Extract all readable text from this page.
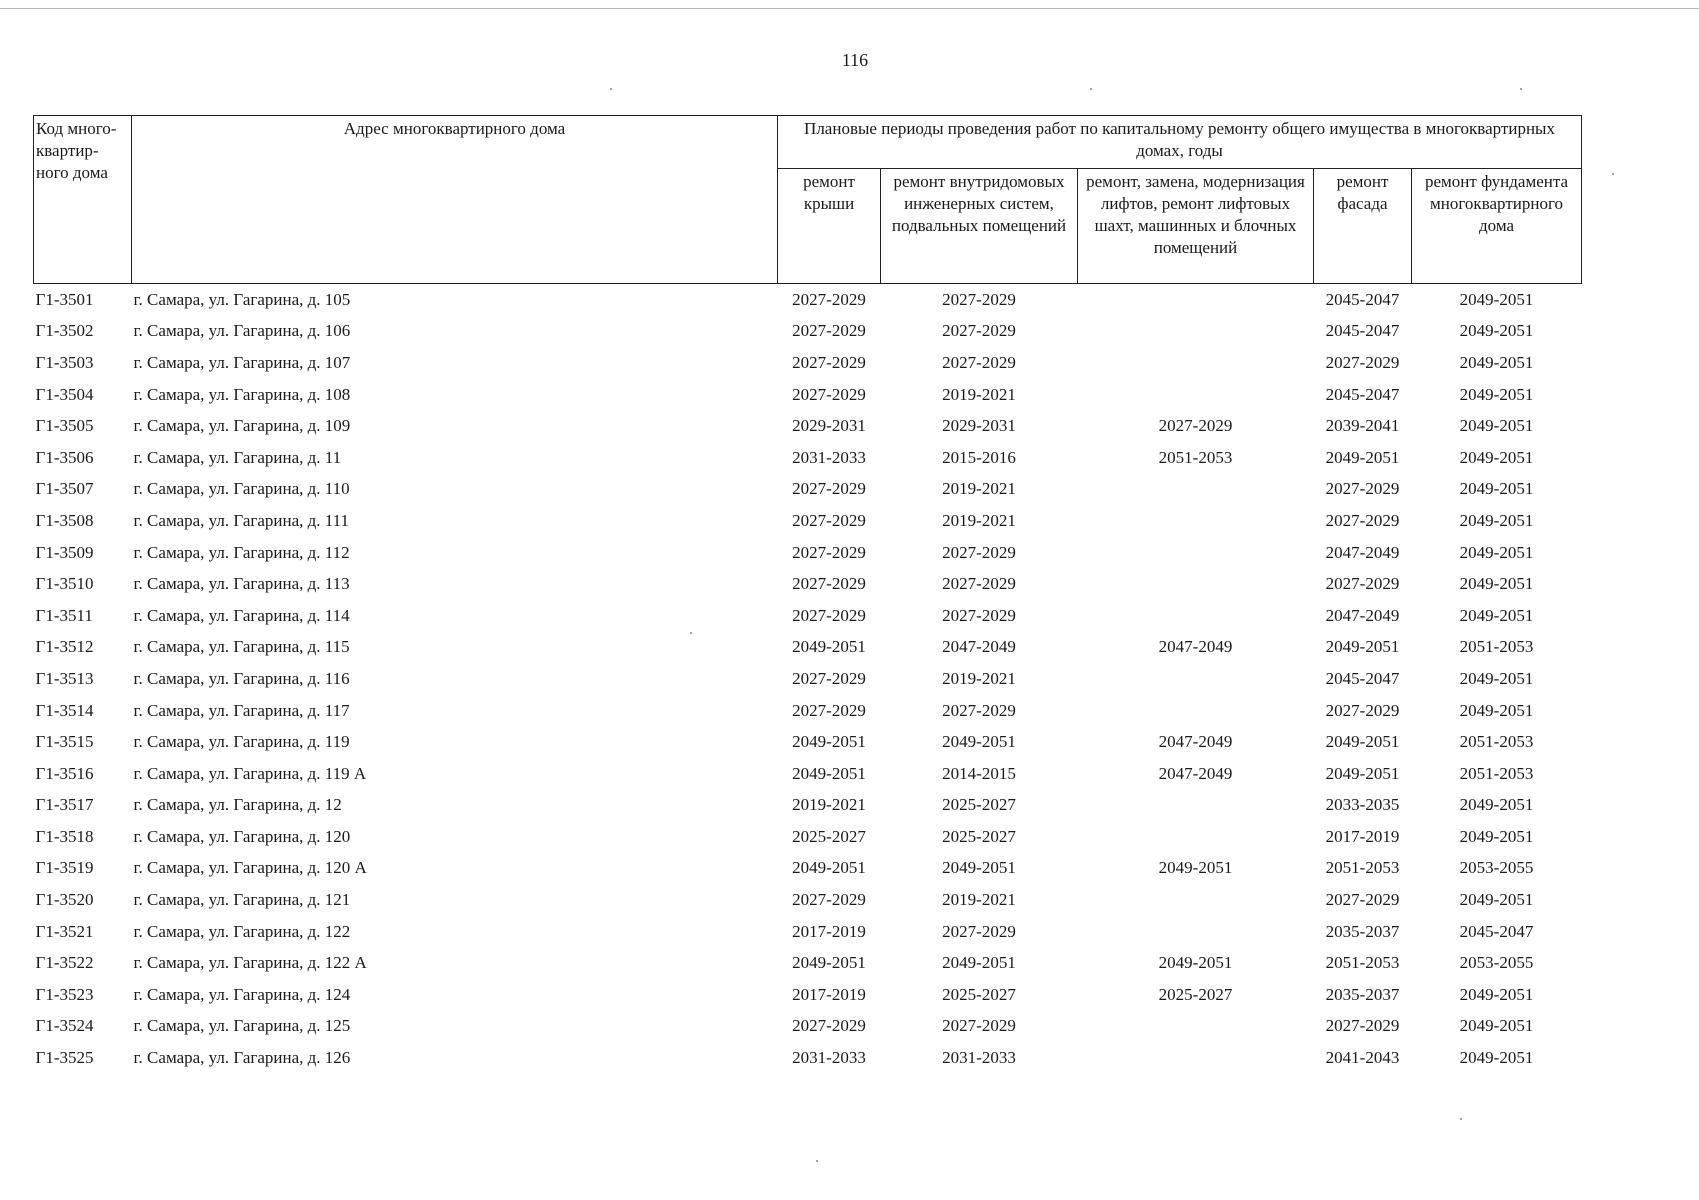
116
Код много-квартир-ного дома	Адрес многоквартирного дома	Плановые периоды проведения работ по капитальному ремонту общего имущества в многоквартирных домах, годы				
		ремонт крыши	ремонт внутридомовых инженерных систем, подвальных помещений	ремонт, замена, модернизация лифтов, ремонт лифтовых шахт, машинных и блочных помещений	ремонт фасада	ремонт фундамента многоквартирного дома
Г1-3501	г. Самара, ул. Гагарина, д. 105	2027-2029	2027-2029		2045-2047	2049-2051
Г1-3502	г. Самара, ул. Гагарина, д. 106	2027-2029	2027-2029		2045-2047	2049-2051
Г1-3503	г. Самара, ул. Гагарина, д. 107	2027-2029	2027-2029		2027-2029	2049-2051
Г1-3504	г. Самара, ул. Гагарина, д. 108	2027-2029	2019-2021		2045-2047	2049-2051
Г1-3505	г. Самара, ул. Гагарина, д. 109	2029-2031	2029-2031	2027-2029	2039-2041	2049-2051
Г1-3506	г. Самара, ул. Гагарина, д. 11	2031-2033	2015-2016	2051-2053	2049-2051	2049-2051
Г1-3507	г. Самара, ул. Гагарина, д. 110	2027-2029	2019-2021		2027-2029	2049-2051
Г1-3508	г. Самара, ул. Гагарина, д. 111	2027-2029	2019-2021		2027-2029	2049-2051
Г1-3509	г. Самара, ул. Гагарина, д. 112	2027-2029	2027-2029		2047-2049	2049-2051
Г1-3510	г. Самара, ул. Гагарина, д. 113	2027-2029	2027-2029		2027-2029	2049-2051
Г1-3511	г. Самара, ул. Гагарина, д. 114	2027-2029	2027-2029		2047-2049	2049-2051
Г1-3512	г. Самара, ул. Гагарина, д. 115	2049-2051	2047-2049	2047-2049	2049-2051	2051-2053
Г1-3513	г. Самара, ул. Гагарина, д. 116	2027-2029	2019-2021		2045-2047	2049-2051
Г1-3514	г. Самара, ул. Гагарина, д. 117	2027-2029	2027-2029		2027-2029	2049-2051
Г1-3515	г. Самара, ул. Гагарина, д. 119	2049-2051	2049-2051	2047-2049	2049-2051	2051-2053
Г1-3516	г. Самара, ул. Гагарина, д. 119 А	2049-2051	2014-2015	2047-2049	2049-2051	2051-2053
Г1-3517	г. Самара, ул. Гагарина, д. 12	2019-2021	2025-2027		2033-2035	2049-2051
Г1-3518	г. Самара, ул. Гагарина, д. 120	2025-2027	2025-2027		2017-2019	2049-2051
Г1-3519	г. Самара, ул. Гагарина, д. 120 А	2049-2051	2049-2051	2049-2051	2051-2053	2053-2055
Г1-3520	г. Самара, ул. Гагарина, д. 121	2027-2029	2019-2021		2027-2029	2049-2051
Г1-3521	г. Самара, ул. Гагарина, д. 122	2017-2019	2027-2029		2035-2037	2045-2047
Г1-3522	г. Самара, ул. Гагарина, д. 122 А	2049-2051	2049-2051	2049-2051	2051-2053	2053-2055
Г1-3523	г. Самара, ул. Гагарина, д. 124	2017-2019	2025-2027	2025-2027	2035-2037	2049-2051
Г1-3524	г. Самара, ул. Гагарина, д. 125	2027-2029	2027-2029		2027-2029	2049-2051
Г1-3525	г. Самара, ул. Гагарина, д. 126	2031-2033	2031-2033		2041-2043	2049-2051
